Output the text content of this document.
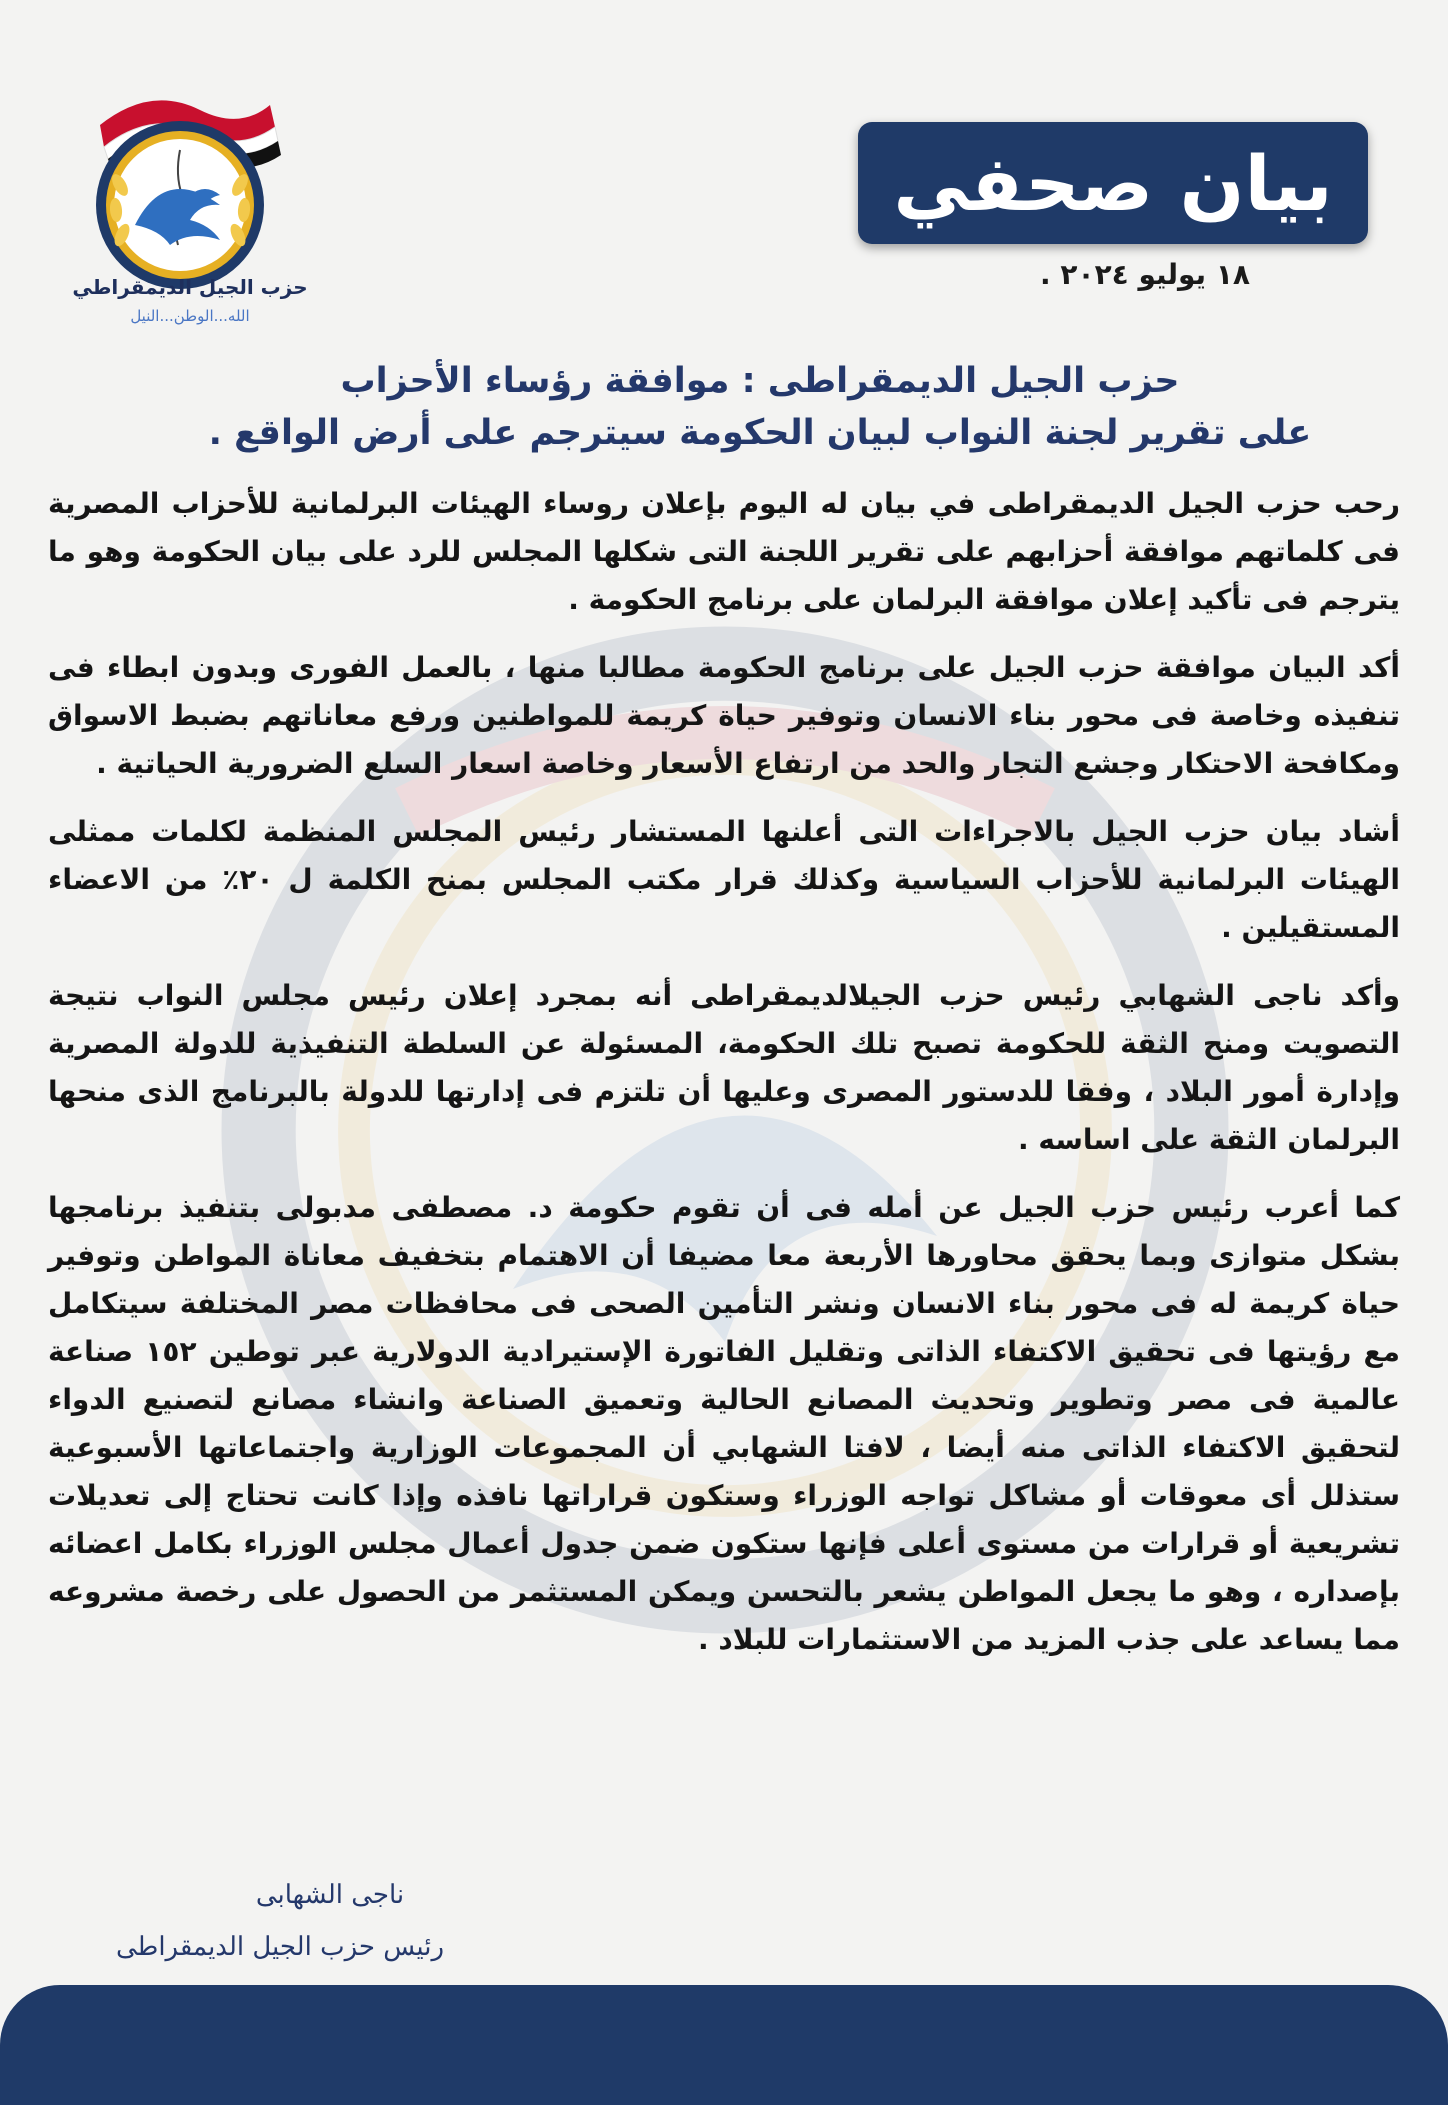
حزب الجيل الديمقراطي
الله...الوطن...النيل
بيان صحفي
١٨ يوليو ٢٠٢٤ .
حزب الجيل الديمقراطى : موافقة رؤساء الأحزاب
على تقرير لجنة النواب لبيان الحكومة سيترجم على أرض الواقع .

رحب حزب الجيل الديمقراطى في بيان له اليوم بإعلان روساء الهيئات البرلمانية للأحزاب المصرية فى كلماتهم موافقة أحزابهم على تقرير اللجنة التى شكلها المجلس للرد على بيان الحكومة وهو ما يترجم فى تأكيد إعلان موافقة البرلمان على برنامج الحكومة .

أكد البيان موافقة حزب الجيل على برنامج الحكومة مطالبا منها ، بالعمل الفورى وبدون ابطاء فى تنفيذه وخاصة فى محور بناء الانسان وتوفير حياة كريمة للمواطنين ورفع معاناتهم بضبط الاسواق ومكافحة الاحتكار وجشع التجار والحد من ارتفاع الأسعار وخاصة اسعار السلع الضرورية الحياتية .

أشاد بيان حزب الجيل بالاجراءات التى أعلنها المستشار رئيس المجلس المنظمة لكلمات ممثلى الهيئات البرلمانية للأحزاب السياسية وكذلك قرار مكتب المجلس بمنح الكلمة ل ٢٠٪ من الاعضاء المستقيلين .

وأكد ناجى الشهابي رئيس حزب الجيلالديمقراطى أنه بمجرد إعلان رئيس مجلس النواب نتيجة التصويت ومنح الثقة للحكومة تصبح تلك الحكومة، المسئولة عن السلطة التنفيذية للدولة المصرية وإدارة أمور البلاد ، وفقا للدستور المصرى وعليها أن تلتزم فى إدارتها للدولة بالبرنامج الذى منحها البرلمان الثقة على اساسه .

كما أعرب رئيس حزب الجيل عن أمله فى أن تقوم حكومة د. مصطفى مدبولى بتنفيذ برنامجها بشكل متوازى وبما يحقق محاورها الأربعة معا مضيفا أن الاهتمام بتخفيف معاناة المواطن وتوفير حياة كريمة له فى محور بناء الانسان ونشر التأمين الصحى فى محافظات مصر المختلفة سيتكامل مع رؤيتها فى تحقيق الاكتفاء الذاتى وتقليل الفاتورة الإستيرادية الدولارية عبر توطين ١٥٢ صناعة عالمية فى مصر وتطوير وتحديث المصانع الحالية وتعميق الصناعة وانشاء مصانع لتصنيع الدواء لتحقيق الاكتفاء الذاتى منه أيضا ، لافتا الشهابي أن المجموعات الوزارية واجتماعاتها الأسبوعية ستذلل أى معوقات أو مشاكل تواجه الوزراء وستكون قراراتها نافذه وإذا كانت تحتاج إلى تعديلات تشريعية أو قرارات من مستوى أعلى فإنها ستكون ضمن جدول أعمال مجلس الوزراء بكامل اعضائه بإصداره ، وهو ما يجعل المواطن يشعر بالتحسن ويمكن المستثمر من الحصول على رخصة مشروعه مما يساعد على جذب المزيد من الاستثمارات للبلاد .

ناجى الشهابى
رئيس حزب الجيل الديمقراطى
